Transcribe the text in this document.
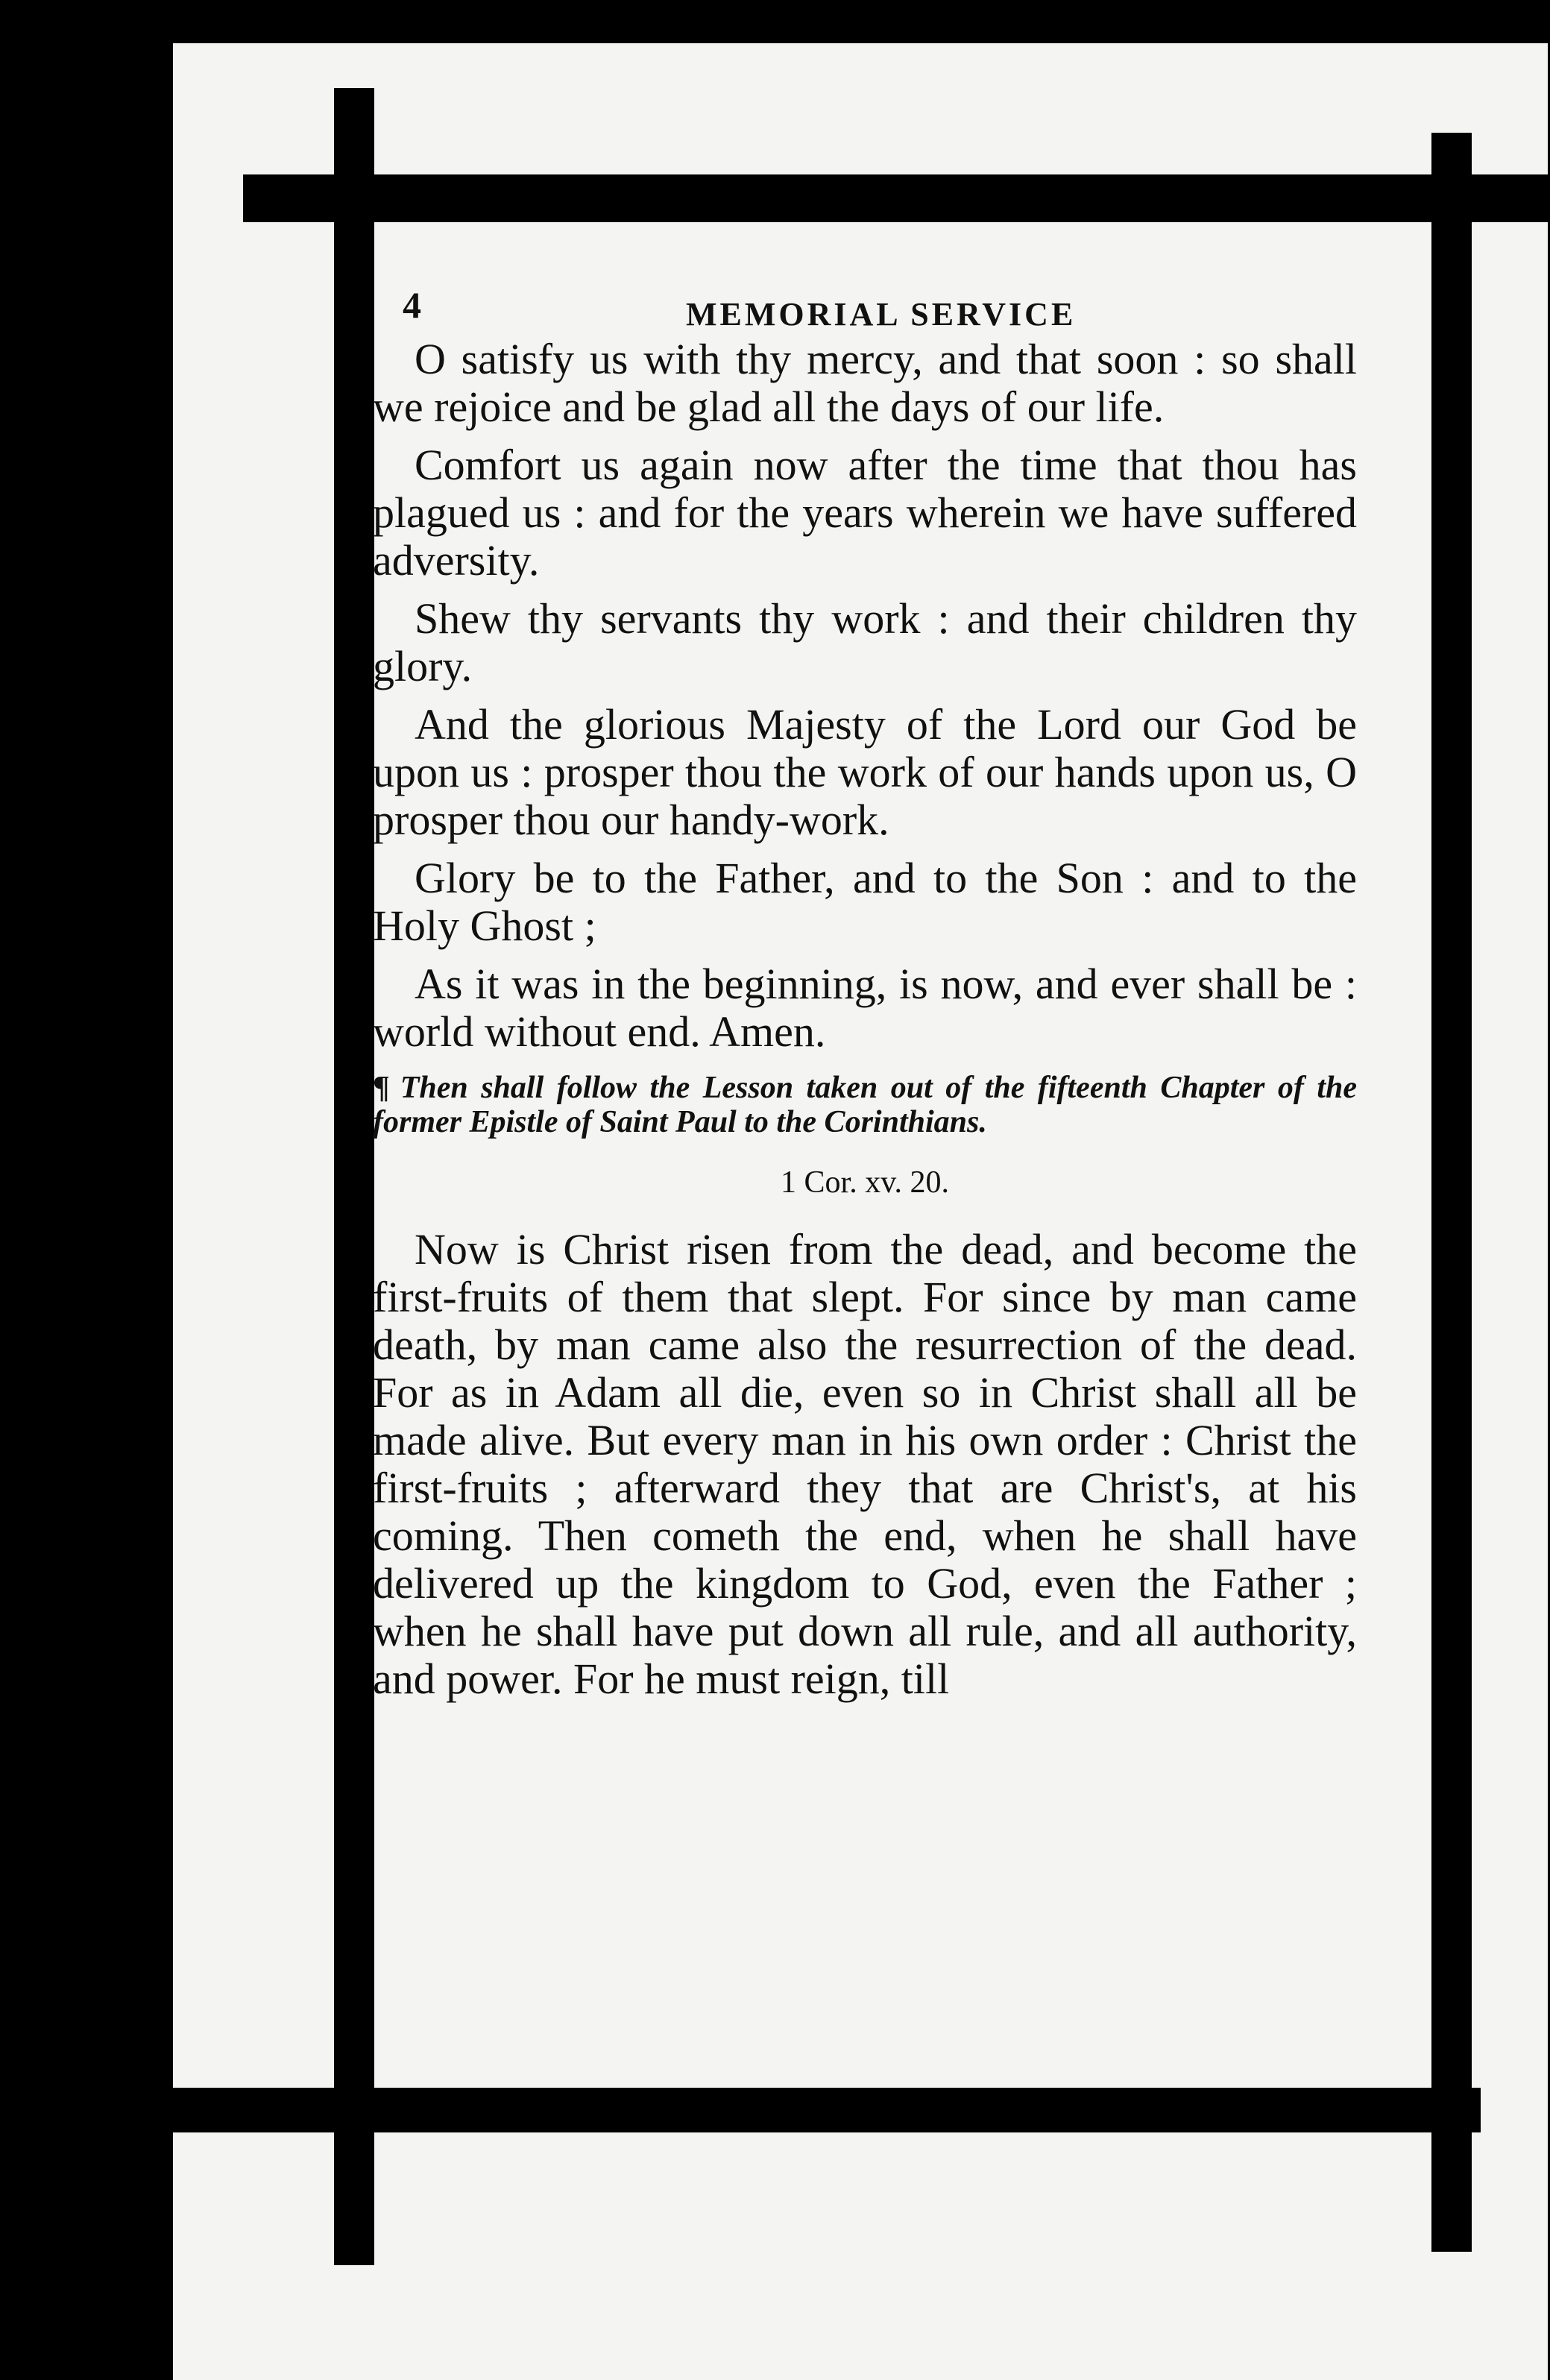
4	MEMORIAL SERVICE

O satisfy us with thy mercy, and that soon : so shall we rejoice and be glad all the days of our life.

Comfort us again now after the time that thou has plagued us : and for the years wherein we have suffered adversity.

Shew thy servants thy work : and their children thy glory.

And the glorious Majesty of the Lord our God be upon us : prosper thou the work of our hands upon us, O prosper thou our handy-work.

Glory be to the Father, and to the Son : and to the Holy Ghost ;

As it was in the beginning, is now, and ever shall be : world without end. Amen.

¶ Then shall follow the Lesson taken out of the fifteenth Chapter of the former Epistle of Saint Paul to the Corinthians.

1 Cor. xv. 20.

Now is Christ risen from the dead, and become the first-fruits of them that slept. For since by man came death, by man came also the resurrection of the dead. For as in Adam all die, even so in Christ shall all be made alive. But every man in his own order : Christ the first-fruits ; afterward they that are Christ's, at his coming. Then cometh the end, when he shall have delivered up the kingdom to God, even the Father ; when he shall have put down all rule, and all authority, and power. For he must reign, till
